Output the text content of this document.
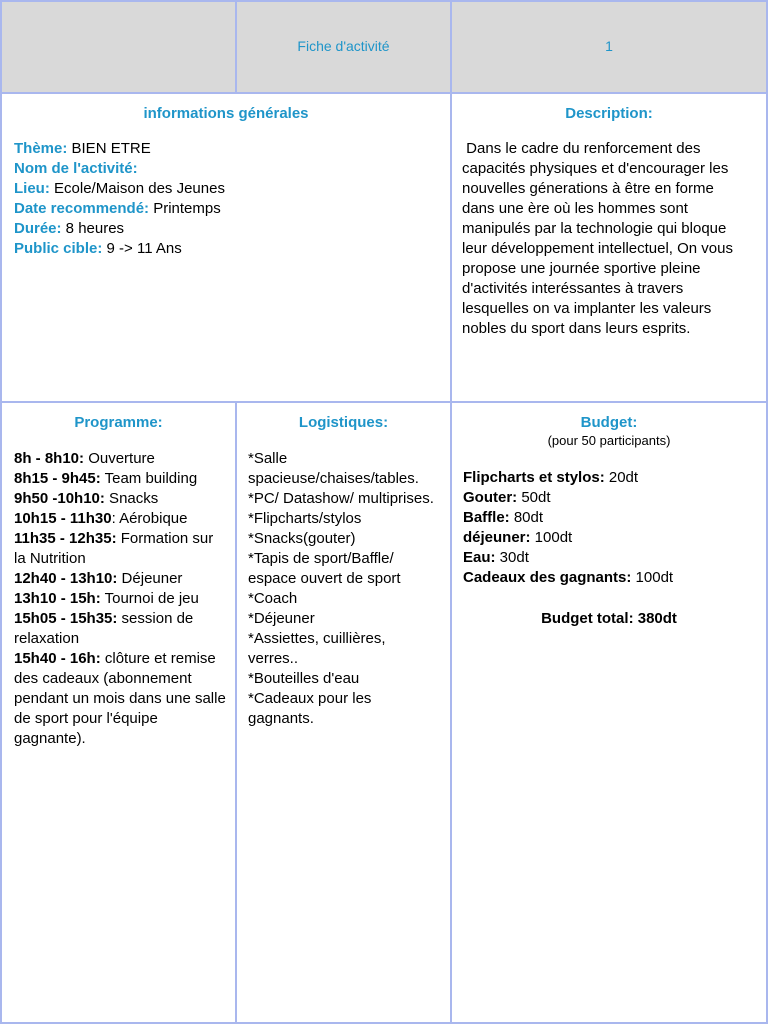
Fiche d'activité	1
informations générales
Thème: BIEN ETRE
Nom de l'activité:
Lieu: Ecole/Maison des Jeunes
Date recommendé: Printemps
Durée: 8 heures
Public cible: 9 -> 11 Ans
Description:
Dans le cadre du renforcement des capacités physiques et d'encourager les nouvelles génerations à être en forme dans une ère où les hommes sont manipulés par la technologie qui bloque leur développement intellectuel, On vous propose une journée sportive pleine d'activités interéssantes à travers lesquelles on va implanter les valeurs nobles du sport dans leurs esprits.
Programme:
8h - 8h10: Ouverture
8h15 - 9h45: Team building
9h50 -10h10: Snacks
10h15 - 11h30: Aérobique
11h35 - 12h35: Formation sur la Nutrition
12h40 - 13h10: Déjeuner
13h10 - 15h: Tournoi de jeu
15h05 - 15h35: session de relaxation
15h40 - 16h: clôture et remise des cadeaux (abonnement pendant un mois dans une salle de sport pour l'équipe gagnante).
Logistiques:
*Salle spacieuse/chaises/tables.
*PC/ Datashow/ multiprises.
*Flipcharts/stylos
*Snacks(gouter)
*Tapis de sport/Baffle/ espace ouvert de sport
*Coach
*Déjeuner
*Assiettes, cuillières, verres..
*Bouteilles d'eau
*Cadeaux pour les gagnants.
Budget:
(pour 50 participants)
Flipcharts et stylos: 20dt
Gouter: 50dt
Baffle: 80dt
déjeuner: 100dt
Eau: 30dt
Cadeaux des gagnants: 100dt
Budget total: 380dt
